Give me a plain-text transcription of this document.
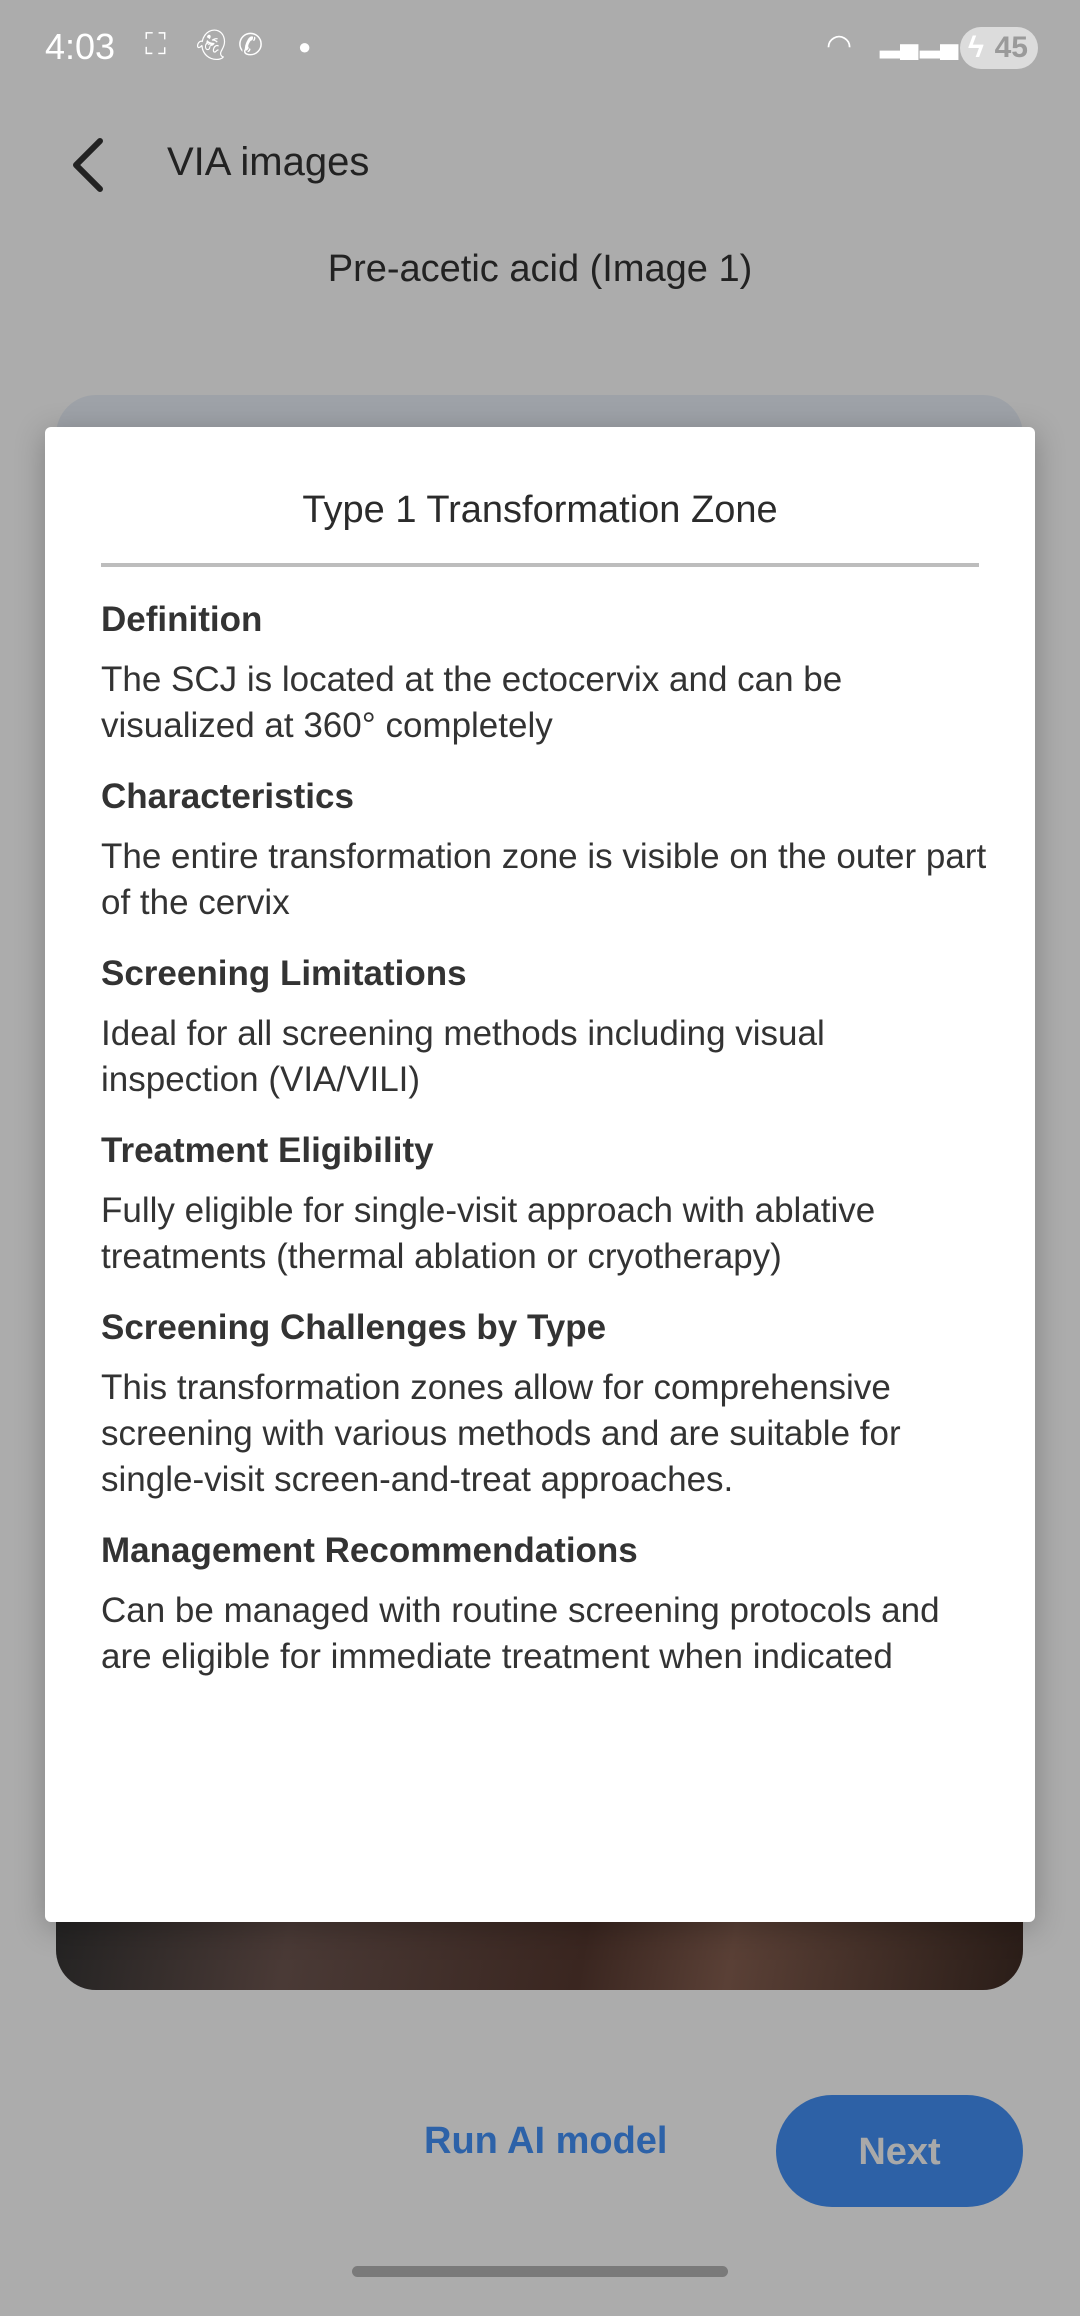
4:03 ⛶ 👻︎ ✆ ●	◠ ▂▄ ▂▄ ϟ 45
VIA images
Pre-acetic acid (Image 1)
Type 1 Transformation Zone
Definition

The SCJ is located at the ectocervix and can be visualized at 360° completely

Characteristics

The entire transformation zone is visible on the outer part of the cervix

Screening Limitations

Ideal for all screening methods including visual inspection (VIA/VILI)

Treatment Eligibility

Fully eligible for single-visit approach with ablative treatments (thermal ablation or cryotherapy)

Screening Challenges by Type

This transformation zones allow for comprehensive screening with various methods and are suitable for single-visit screen-and-treat approaches.

Management Recommendations

Can be managed with routine screening protocols and are eligible for immediate treatment when indicated

Run AI model	Next
